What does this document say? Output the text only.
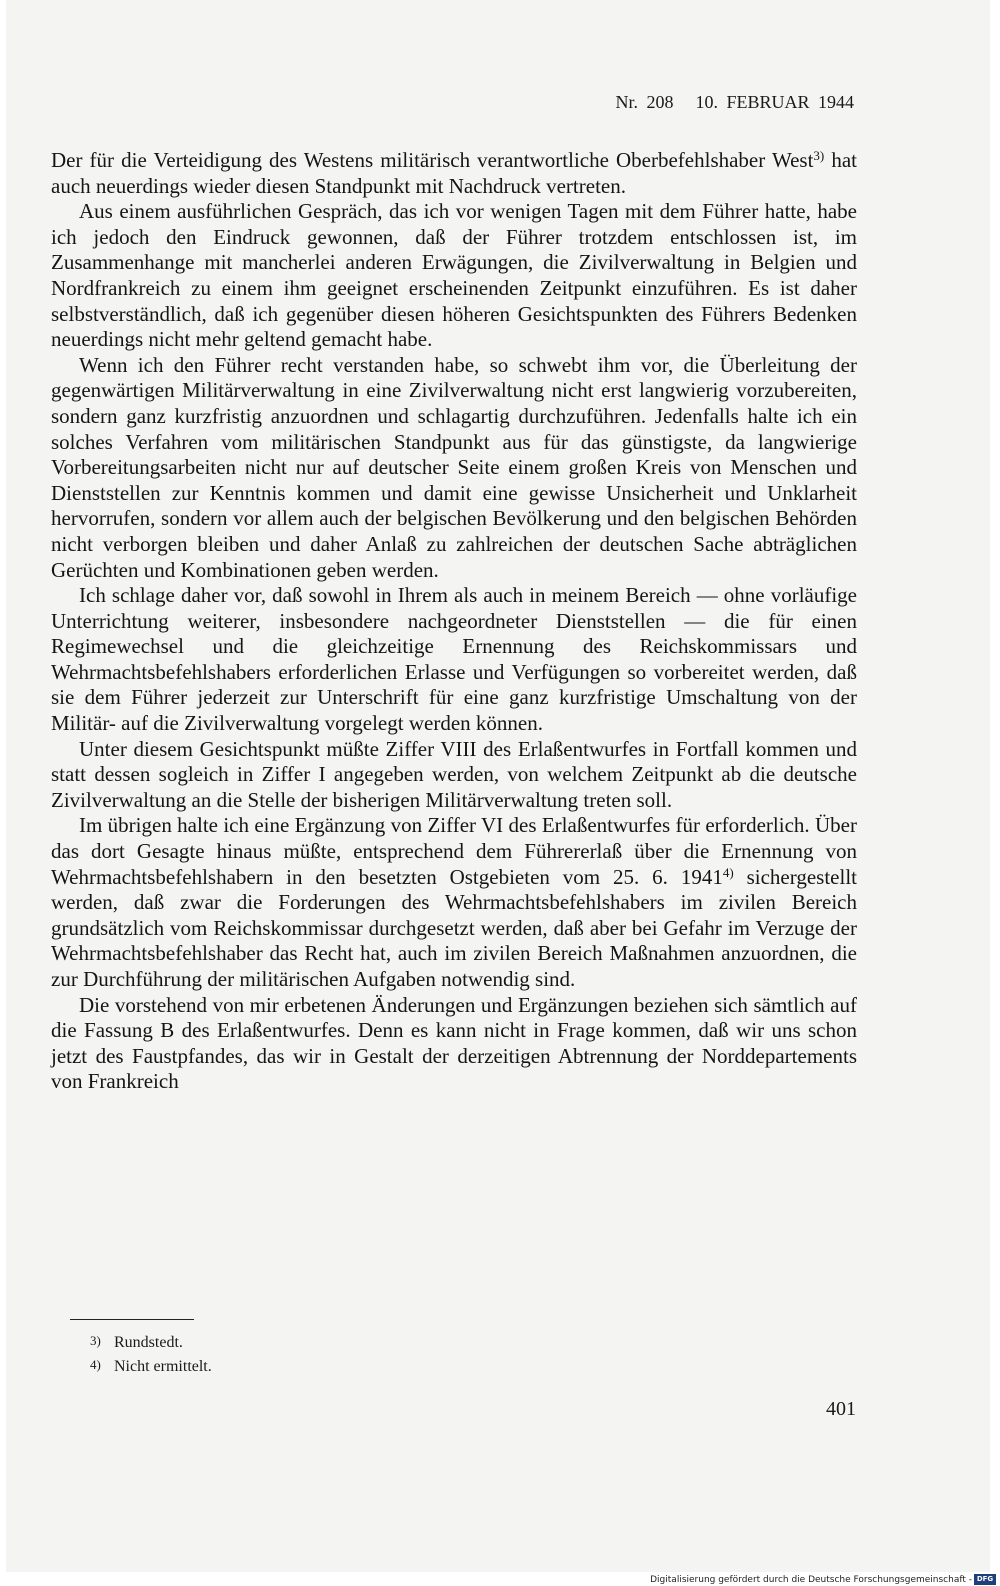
Nr. 208 10. FEBRUAR 1944

Der für die Verteidigung des Westens militärisch verantwortliche Oberbefehlshaber West$^{3)}$ hat auch neuerdings wieder diesen Standpunkt mit Nachdruck vertreten.

Aus einem ausführlichen Gespräch, das ich vor wenigen Tagen mit dem Führer hatte, habe ich jedoch den Eindruck gewonnen, daß der Führer trotzdem entschlossen ist, im Zusammenhange mit mancherlei anderen Erwägungen, die Zivilverwaltung in Belgien und Nordfrankreich zu einem ihm geeignet erscheinenden Zeitpunkt einzuführen. Es ist daher selbstverständlich, daß ich gegenüber diesen höheren Gesichtspunkten des Führers Bedenken neuerdings nicht mehr geltend gemacht habe.

Wenn ich den Führer recht verstanden habe, so schwebt ihm vor, die Überleitung der gegenwärtigen Militärverwaltung in eine Zivilverwaltung nicht erst langwierig vorzubereiten, sondern ganz kurzfristig anzuordnen und schlagartig durchzuführen. Jedenfalls halte ich ein solches Verfahren vom militärischen Standpunkt aus für das günstigste, da langwierige Vorbereitungsarbeiten nicht nur auf deutscher Seite einem großen Kreis von Menschen und Dienststellen zur Kenntnis kommen und damit eine gewisse Unsicherheit und Unklarheit hervorrufen, sondern vor allem auch der belgischen Bevölkerung und den belgischen Behörden nicht verborgen bleiben und daher Anlaß zu zahlreichen der deutschen Sache abträglichen Gerüchten und Kombinationen geben werden.

Ich schlage daher vor, daß sowohl in Ihrem als auch in meinem Bereich — ohne vorläufige Unterrichtung weiterer, insbesondere nachgeordneter Dienststellen — die für einen Regimewechsel und die gleichzeitige Ernennung des Reichskommissars und Wehrmachtsbefehlshabers erforderlichen Erlasse und Verfügungen so vorbereitet werden, daß sie dem Führer jederzeit zur Unterschrift für eine ganz kurzfristige Umschaltung von der Militär- auf die Zivilverwaltung vorgelegt werden können.

Unter diesem Gesichtspunkt müßte Ziffer VIII des Erlaßentwurfes in Fortfall kommen und statt dessen sogleich in Ziffer I angegeben werden, von welchem Zeitpunkt ab die deutsche Zivilverwaltung an die Stelle der bisherigen Militärverwaltung treten soll.

Im übrigen halte ich eine Ergänzung von Ziffer VI des Erlaßentwurfes für erforderlich. Über das dort Gesagte hinaus müßte, entsprechend dem Führererlaß über die Ernennung von Wehrmachtsbefehlshabern in den besetzten Ostgebieten vom 25. 6. 1941$^{4)}$ sichergestellt werden, daß zwar die Forderungen des Wehrmachtsbefehlshabers im zivilen Bereich grundsätzlich vom Reichskommissar durchgesetzt werden, daß aber bei Gefahr im Verzuge der Wehrmachtsbefehlshaber das Recht hat, auch im zivilen Bereich Maßnahmen anzuordnen, die zur Durchführung der militärischen Aufgaben notwendig sind.

Die vorstehend von mir erbetenen Änderungen und Ergänzungen beziehen sich sämtlich auf die Fassung B des Erlaßentwurfes. Denn es kann nicht in Frage kommen, daß wir uns schon jetzt des Faustpfandes, das wir in Gestalt der derzeitigen Abtrennung der Norddepartements von Frankreich

3) Rundstedt.
4) Nicht ermittelt.
401
Digitalisierung gefördert durch die Deutsche Forschungsgemeinschaft - DFG
